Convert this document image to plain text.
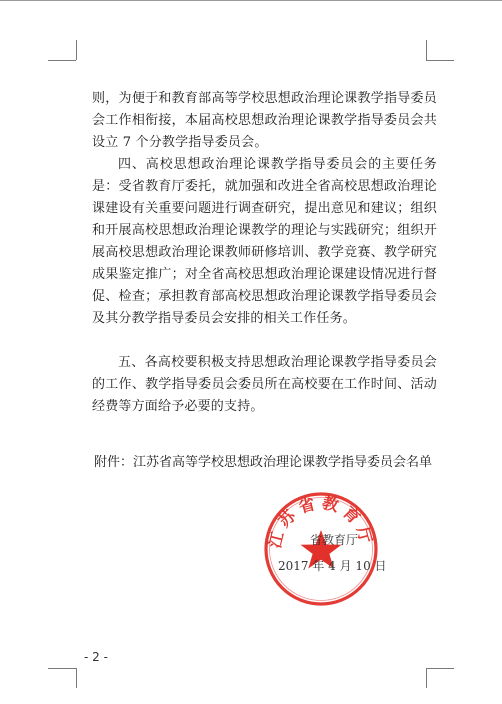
则，为便于和教育部高等学校思想政治理论课教学指导委员会工作相衔接，本届高校思想政治理论课教学指导委员会共设立 7 个分教学指导委员会。

四、高校思想政治理论课教学指导委员会的主要任务是：受省教育厅委托，就加强和改进全省高校思想政治理论课建设有关重要问题进行调查研究，提出意见和建议；组织和开展高校思想政治理论课教学的理论与实践研究；组织开展高校思想政治理论课教师研修培训、教学竞赛、教学研究成果鉴定推广；对全省高校思想政治理论课建设情况进行督促、检查；承担教育部高校思想政治理论课教学指导委员会及其分教学指导委员会安排的相关工作任务。

五、各高校要积极支持思想政治理论课教学指导委员会的工作、教学指导委员会委员所在高校要在工作时间、活动经费等方面给予必要的支持。

附件：江苏省高等学校思想政治理论课教学指导委员会名单

江苏省教育厅
省教育厅
2017 年 4 月 10 日
- 2 -
